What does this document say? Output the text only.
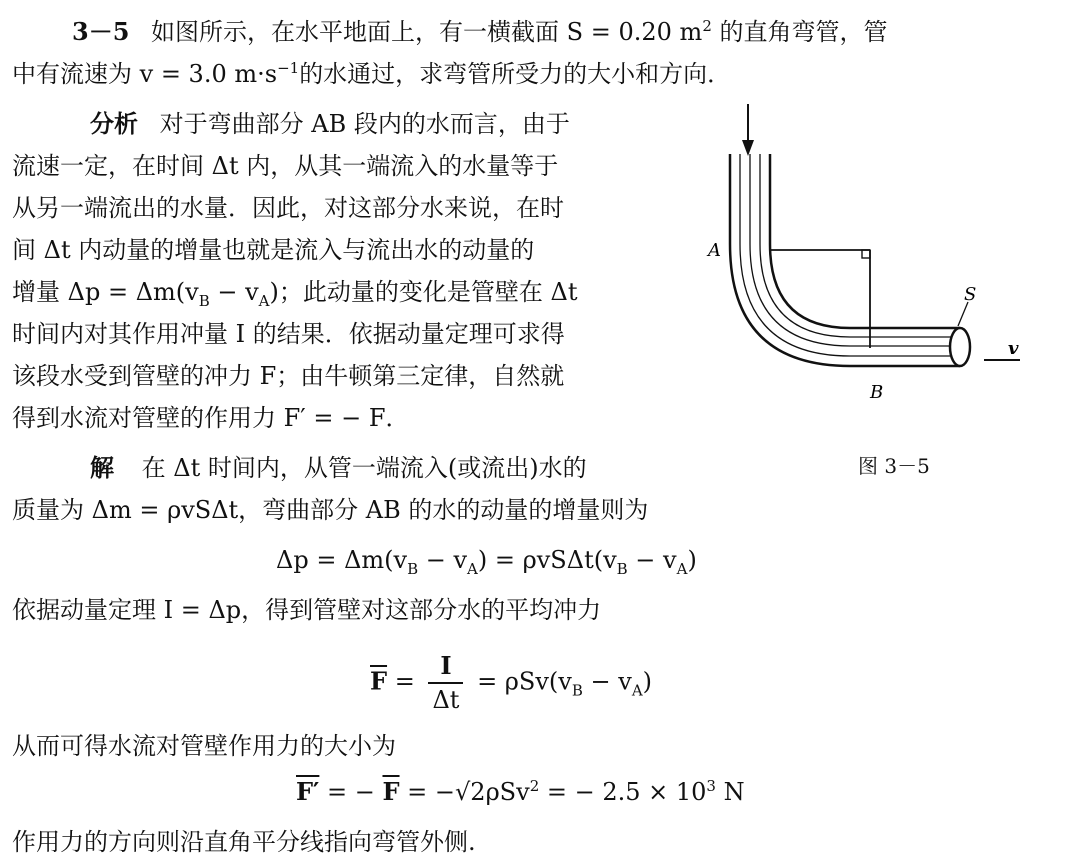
3－5 如图所示，在水平地面上，有一横截面 S = 0.20 $m^2$ 的直角弯管，管
中有流速为 v = 3.0 $m\cdot s^{-1}$的水通过，求弯管所受力的大小和方向．
分析 对于弯曲部分 AB 段内的水而言，由于
流速一定，在时间 Δt 内，从其一端流入的水量等于
从另一端流出的水量．因此，对这部分水来说，在时
间 Δt 内动量的增量也就是流入与流出水的动量的
增量 $\Delta p = \Delta m(v_B - v_A)$；此动量的变化是管壁在 Δt
时间内对其作用冲量 I 的结果．依据动量定理可求得
该段水受到管壁的冲力 F；由牛顿第三定律，自然就
得到水流对管壁的作用力 F′ = − F．
A
B
S
v
图 3－5
解 在 Δt 时间内，从管一端流入(或流出)水的
质量为 Δm = ρvSΔt，弯曲部分 AB 的水的动量的增量则为
$\Delta p = \Delta m(v_B - v_A) = \rho vS\Delta t(v_B - v_A)$
依据动量定理 I = Δp，得到管壁对这部分水的平均冲力
$\overline{F} = \frac{I}{\Delta t} = \rho Sv(v_B - v_A)$
从而可得水流对管壁作用力的大小为
F′ = − $\overline{F} = -√2\rho Sv^2$ = − $2.5 \times 10^3$ N
作用力的方向则沿直角平分线指向弯管外侧.
